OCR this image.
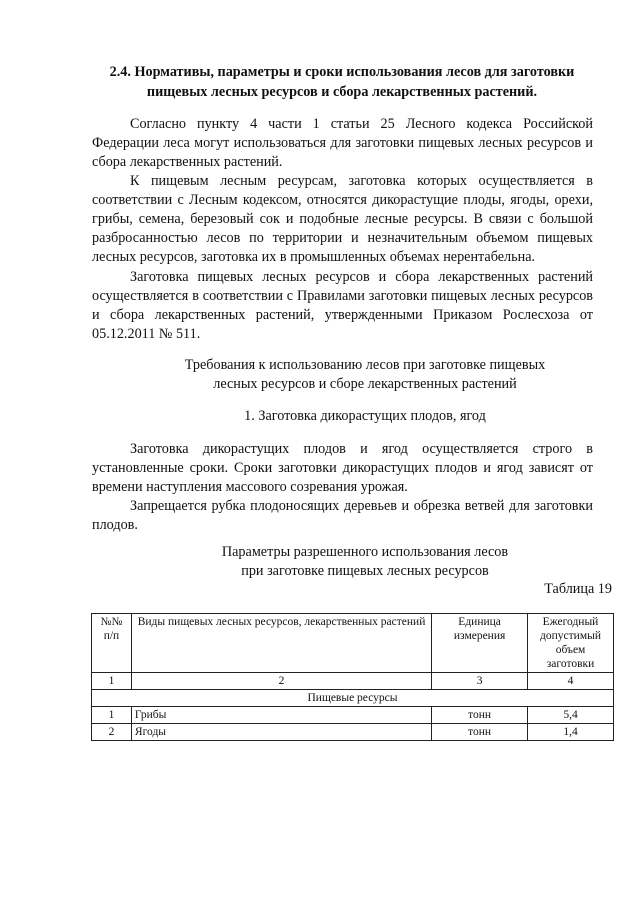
2.4. Нормативы, параметры и сроки использования лесов для заготовки пищевых лесных ресурсов и сбора лекарственных растений.
Согласно пункту 4 части 1 статьи 25 Лесного кодекса Российской Федерации леса могут использоваться для заготовки пищевых лесных ресурсов и сбора лекарственных растений.
К пищевым лесным ресурсам, заготовка которых осуществляется в соответствии с Лесным кодексом, относятся дикорастущие плоды, ягоды, орехи, грибы, семена, березовый сок и подобные лесные ресурсы. В связи с большой разбросанностью лесов по территории и незначительным объемом пищевых лесных ресурсов, заготовка их в промышленных объемах нерентабельна.
Заготовка пищевых лесных ресурсов и сбора лекарственных растений осуществляется в соответствии с Правилами заготовки пищевых лесных ресурсов и сбора лекарственных растений, утвержденными Приказом Рослесхоза от 05.12.2011 № 511.
Требования к использованию лесов при заготовке пищевых
лесных ресурсов и сборе лекарственных растений
1. Заготовка дикорастущих плодов, ягод
Заготовка дикорастущих плодов и ягод осуществляется строго в установленные сроки. Сроки заготовки дикорастущих плодов и ягод зависят от времени наступления массового созревания урожая.
Запрещается рубка плодоносящих деревьев и обрезка ветвей для заготовки плодов.
Параметры разрешенного использования лесов
при заготовке пищевых лесных ресурсов
Таблица 19
№№ п/п	Виды пищевых лесных ресурсов, лекарственных растений	Единица измерения	Ежегодный допустимый объем заготовки
1	2	3	4
Пищевые ресурсы			
1	Грибы	тонн	5,4
2	Ягоды	тонн	1,4
